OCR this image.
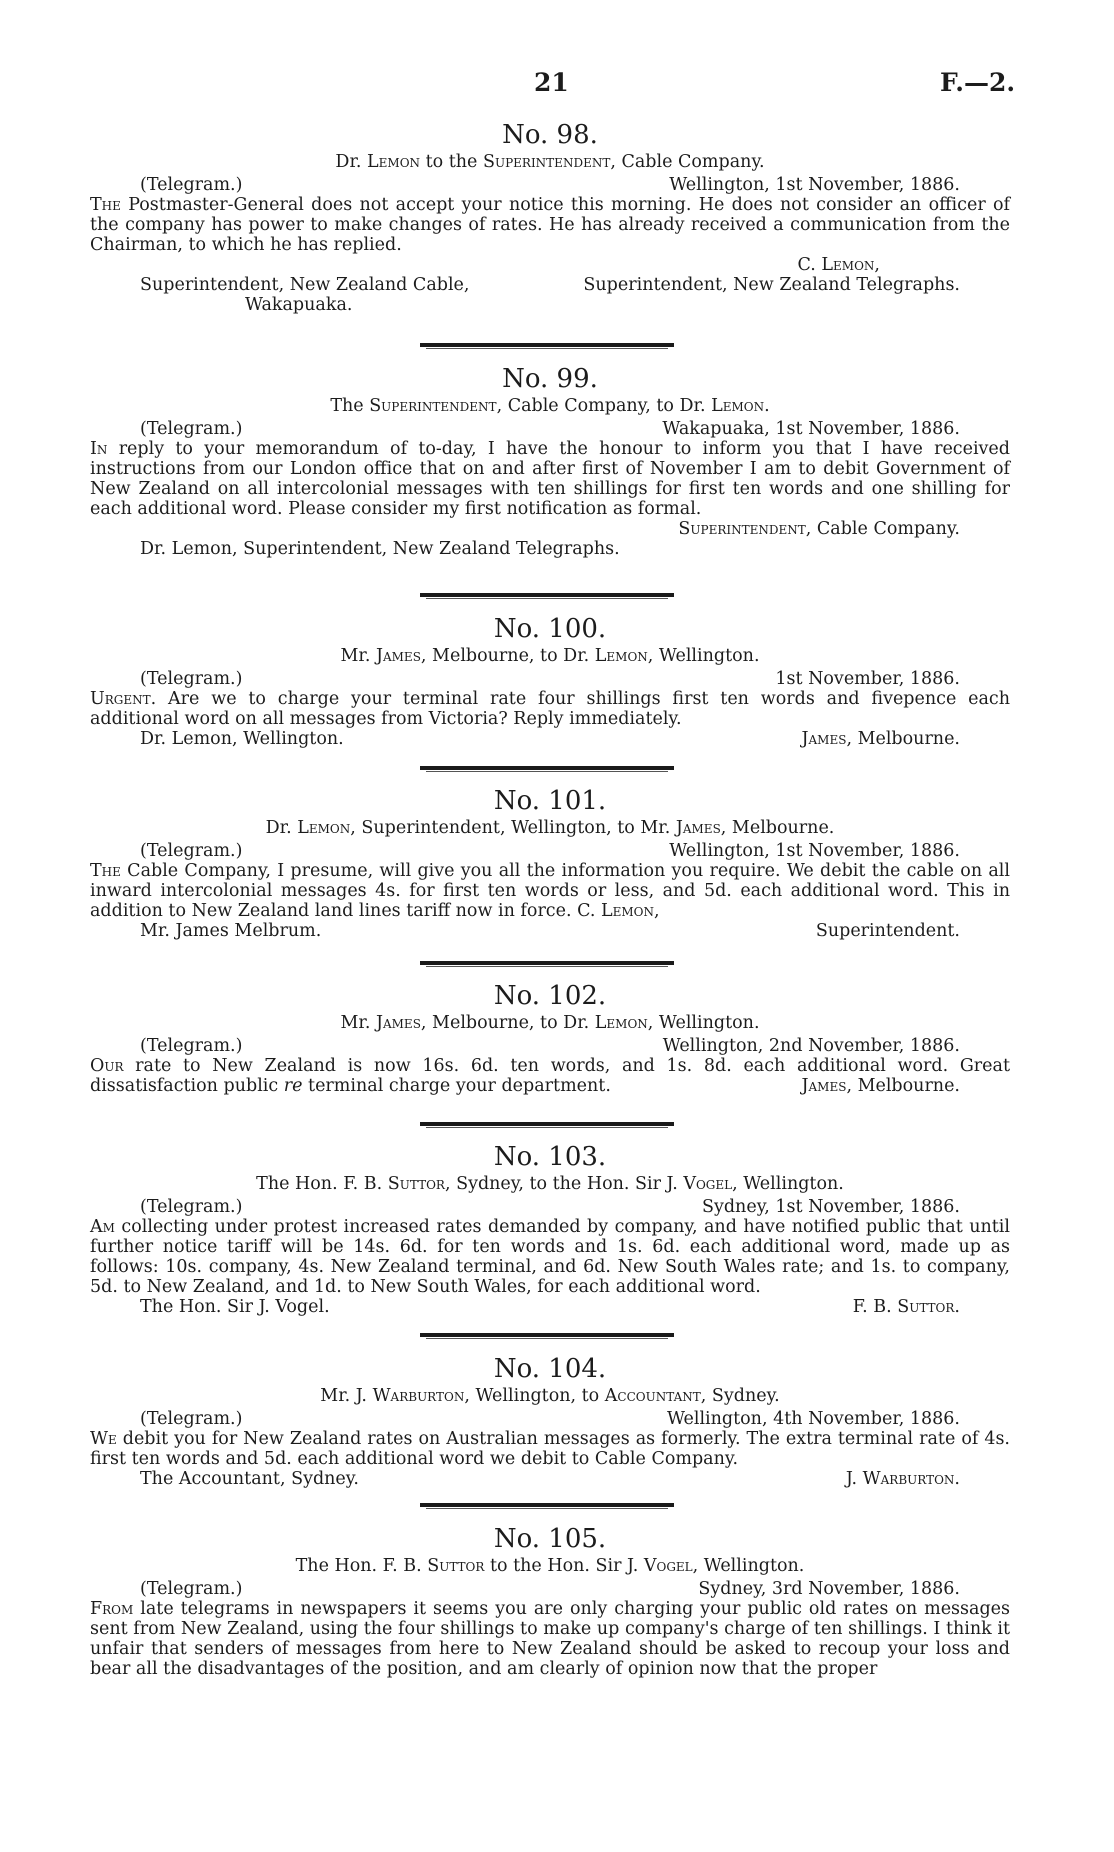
21	F.—2.
No. 98.
Dr. Lemon to the Superintendent, Cable Company.
(Telegram.)	Wellington, 1st November, 1886.
The Postmaster-General does not accept your notice this morning. He does not consider an officer of the company has power to make changes of rates. He has already received a communication from the Chairman, to which he has replied.
C. Lemon,
Superintendent, New Zealand Cable,	Superintendent, New Zealand Telegraphs.
Wakapuaka.
No. 99.
The Superintendent, Cable Company, to Dr. Lemon.
(Telegram.)	Wakapuaka, 1st November, 1886.
In reply to your memorandum of to-day, I have the honour to inform you that I have received instructions from our London office that on and after first of November I am to debit Government of New Zealand on all intercolonial messages with ten shillings for first ten words and one shilling for each additional word. Please consider my first notification as formal.
Superintendent, Cable Company.
Dr. Lemon, Superintendent, New Zealand Telegraphs.
No. 100.
Mr. James, Melbourne, to Dr. Lemon, Wellington.
(Telegram.)	1st November, 1886.
Urgent. Are we to charge your terminal rate four shillings first ten words and fivepence each additional word on all messages from Victoria? Reply immediately.
Dr. Lemon, Wellington.	James, Melbourne.
No. 101.
Dr. Lemon, Superintendent, Wellington, to Mr. James, Melbourne.
(Telegram.)	Wellington, 1st November, 1886.
The Cable Company, I presume, will give you all the information you require. We debit the cable on all inward intercolonial messages 4s. for first ten words or less, and 5d. each additional word. This in addition to New Zealand land lines tariff now in force. C. Lemon,
Mr. James Melbrum.	Superintendent.
No. 102.
Mr. James, Melbourne, to Dr. Lemon, Wellington.
(Telegram.)	Wellington, 2nd November, 1886.
Our rate to New Zealand is now 16s. 6d. ten words, and 1s. 8d. each additional word. Great dissatisfaction public re terminal charge your department.	James, Melbourne.
No. 103.
The Hon. F. B. Suttor, Sydney, to the Hon. Sir J. Vogel, Wellington.
(Telegram.)	Sydney, 1st November, 1886.
Am collecting under protest increased rates demanded by company, and have notified public that until further notice tariff will be 14s. 6d. for ten words and 1s. 6d. each additional word, made up as follows: 10s. company, 4s. New Zealand terminal, and 6d. New South Wales rate; and 1s. to company, 5d. to New Zealand, and 1d. to New South Wales, for each additional word.
The Hon. Sir J. Vogel.	F. B. Suttor.
No. 104.
Mr. J. Warburton, Wellington, to Accountant, Sydney.
(Telegram.)	Wellington, 4th November, 1886.
We debit you for New Zealand rates on Australian messages as formerly. The extra terminal rate of 4s. first ten words and 5d. each additional word we debit to Cable Company.
The Accountant, Sydney.	J. Warburton.
No. 105.
The Hon. F. B. Suttor to the Hon. Sir J. Vogel, Wellington.
(Telegram.)	Sydney, 3rd November, 1886.
From late telegrams in newspapers it seems you are only charging your public old rates on messages sent from New Zealand, using the four shillings to make up company's charge of ten shillings. I think it unfair that senders of messages from here to New Zealand should be asked to recoup your loss and bear all the disadvantages of the position, and am clearly of opinion now that the proper
